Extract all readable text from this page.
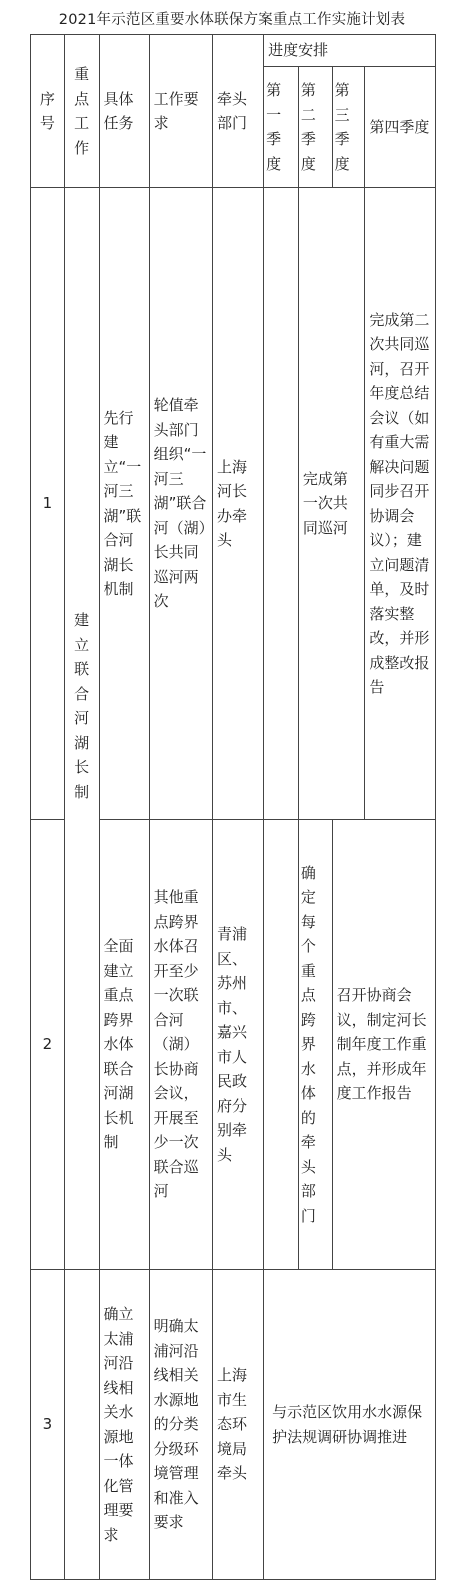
2021年示范区重要水体联保方案重点工作实施计划表
序号	重点工作	具体任务	工作要求	牵头部门	进度安排			
					第一季度	第二季度	第三季度	第四季度
1	建立联合河湖长制	先行建立“一河三湖”联合河湖长机制	轮值牵头部门组织“一河三湖”联合河（湖）长共同巡河两次	上海河长办牵头		完成第一次共同巡河		完成第二次共同巡河，召开年度总结会议（如有重大需解决问题同步召开协调会议）；建立问题清单，及时落实整改，并形成整改报告
2		全面建立重点跨界水体联合河湖长机制	其他重点跨界水体召开至少一次联合河（湖）长协商会议，开展至少一次联合巡河	青浦区、苏州市、嘉兴市人民政府分别牵头		确定每个重点跨界水体的牵头部门	召开协商会议，制定河长制年度工作重点，并形成年度工作报告	
3		确立太浦河沿线相关水源地一体化管理要求	明确太浦河沿线相关水源地的分类分级环境管理和准入要求	上海市生态环境局牵头	与示范区饮用水水源保护法规调研协调推进			
